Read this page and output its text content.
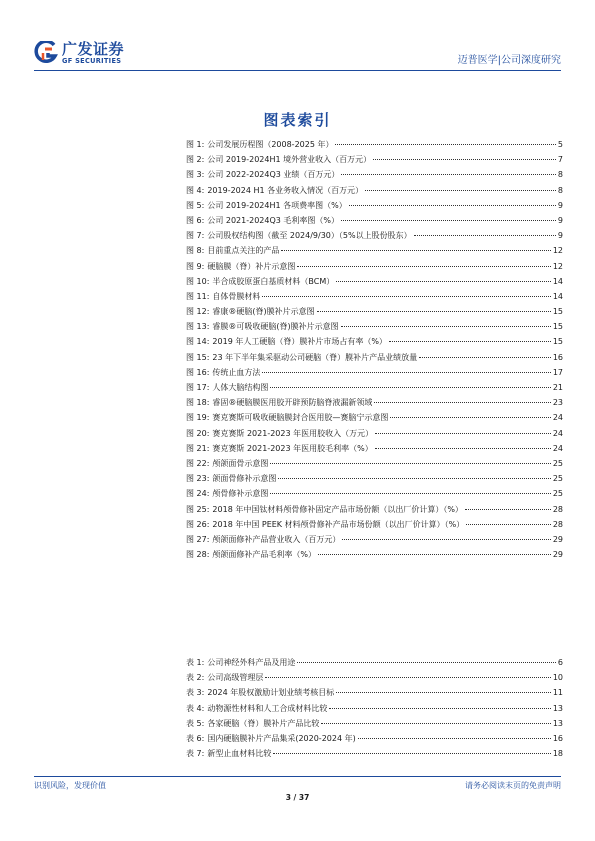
广发证券
GF SECURITIES	迈普医学|公司深度研究
图表索引
图 1: 公司发展历程图（2008-2025 年）	5
图 2: 公司 2019-2024H1 境外营业收入（百万元）	7
图 3: 公司 2022-2024Q3 业绩（百万元）	8
图 4: 2019-2024 H1 各业务收入情况（百万元）	8
图 5: 公司 2019-2024H1 各项费率图（%）	9
图 6: 公司 2021-2024Q3 毛利率图（%）	9
图 7: 公司股权结构图（截至 2024/9/30）（5%以上股份股东）	9
图 8: 目前重点关注的产品	12
图 9: 硬脑膜（脊）补片示意图	12
图 10: 半合成胶原蛋白基质材料（BCM）	14
图 11: 自体骨膜材料	14
图 12: 睿康®硬脑(脊)膜补片示意图	15
图 13: 睿膜®可吸收硬脑(脊)膜补片示意图	15
图 14: 2019 年人工硬脑（脊）膜补片市场占有率（%）	15
图 15: 23 年下半年集采驱动公司硬脑（脊）膜补片产品业绩放量	16
图 16: 传统止血方法	17
图 17: 人体大脑结构图	21
图 18: 睿固®硬脑膜医用胶开辟预防脑脊液漏新领域	23
图 19: 赛克赛斯可吸收硬脑膜封合医用胶—赛脑宁示意图	24
图 20: 赛克赛斯 2021-2023 年医用胶收入（万元）	24
图 21: 赛克赛斯 2021-2023 年医用胶毛利率（%）	24
图 22: 颅颌面骨示意图	25
图 23: 颌面骨修补示意图	25
图 24: 颅骨修补示意图	25
图 25: 2018 年中国钛材料颅骨修补固定产品市场份额（以出厂价计算）（%）	28
图 26: 2018 年中国 PEEK 材料颅骨修补产品市场份额（以出厂价计算）（%）	28
图 27: 颅颌面修补产品营业收入（百万元）	29
图 28: 颅颌面修补产品毛利率（%）	29
表 1: 公司神经外科产品及用途	6
表 2: 公司高级管理层	10
表 3: 2024 年股权激励计划业绩考核目标	11
表 4: 动物源性材料和人工合成材料比较	13
表 5: 各家硬脑（脊）膜补片产品比较	13
表 6: 国内硬脑膜补片产品集采(2020-2024 年)	16
表 7: 新型止血材料比较	18
识别风险，发现价值	请务必阅读末页的免责声明
3 / 37
